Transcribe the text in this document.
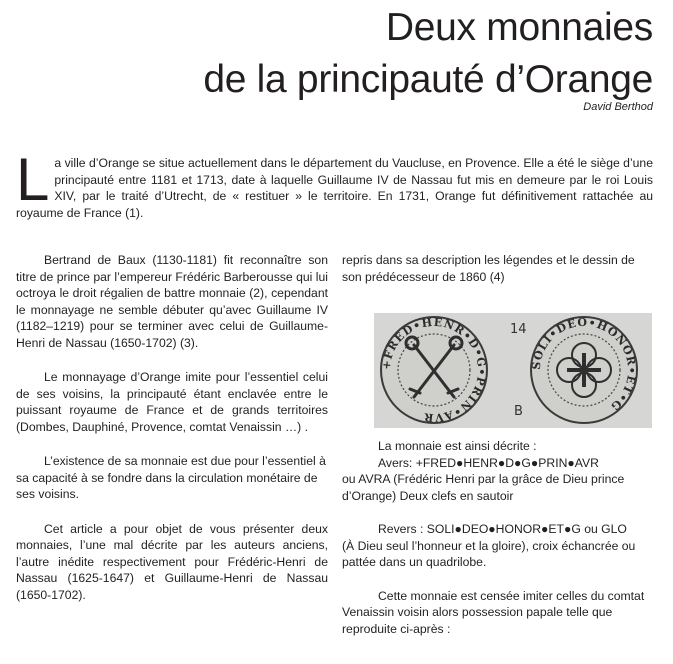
Deux monnaies
de la principauté d’Orange
David Berthod

La ville d’Orange se situe actuellement dans le département du Vaucluse, en Provence. Elle a été le siège d’une principauté entre 1181 et 1713, date à laquelle Guillaume IV de Nassau fut mis en demeure par le roi Louis XIV, par le traité d’Utrecht, de « restituer » le territoire. En 1731, Orange fut définitivement rattachée au royaume de France (1).

Bertrand de Baux (1130-1181) fit reconnaître son titre de prince par l’empereur Frédéric Barberousse qui lui octroya le droit régalien de battre monnaie (2), cependant le monnayage ne semble débuter qu’avec Guillaume IV (1182–1219) pour se terminer avec celui de Guillaume-Henri de Nassau (1650-1702) (3).

Le monnayage d’Orange imite pour l’essentiel celui de ses voisins, la principauté étant enclavée entre le puissant royaume de France et de grands territoires (Dombes, Dauphiné, Provence, comtat Venaissin …) .

L’existence de sa monnaie est due pour l’essentiel à sa capacité à se fondre dans la circulation monétaire de ses voisins.

Cet article a pour objet de vous présenter deux monnaies, l’une mal décrite par les auteurs anciens, l’autre inédite respectivement pour Frédéric-Henri de Nassau (1625-1647) et Guillaume-Henri de Nassau (1650-1702).

repris dans sa description les légendes et le dessin de son prédécesseur de 1860 (4)

+FRED•HENR•D•G•PRIN•AVR
SOLI•DEO•HONOR•ET•G
14
B

La monnaie est ainsi décrite :

Avers: +FRED●HENR●D●G●PRIN●AVR

ou AVRA (Frédéric Henri par la grâce de Dieu prince d’Orange) Deux clefs en sautoir

Revers : SOLI●DEO●HONOR●ET●G ou GLO

(À Dieu seul l’honneur et la gloire), croix échancrée ou pattée dans un quadrilobe.

Cette monnaie est censée imiter celles du comtat Venaissin voisin alors possession papale telle que reproduite ci-après :
